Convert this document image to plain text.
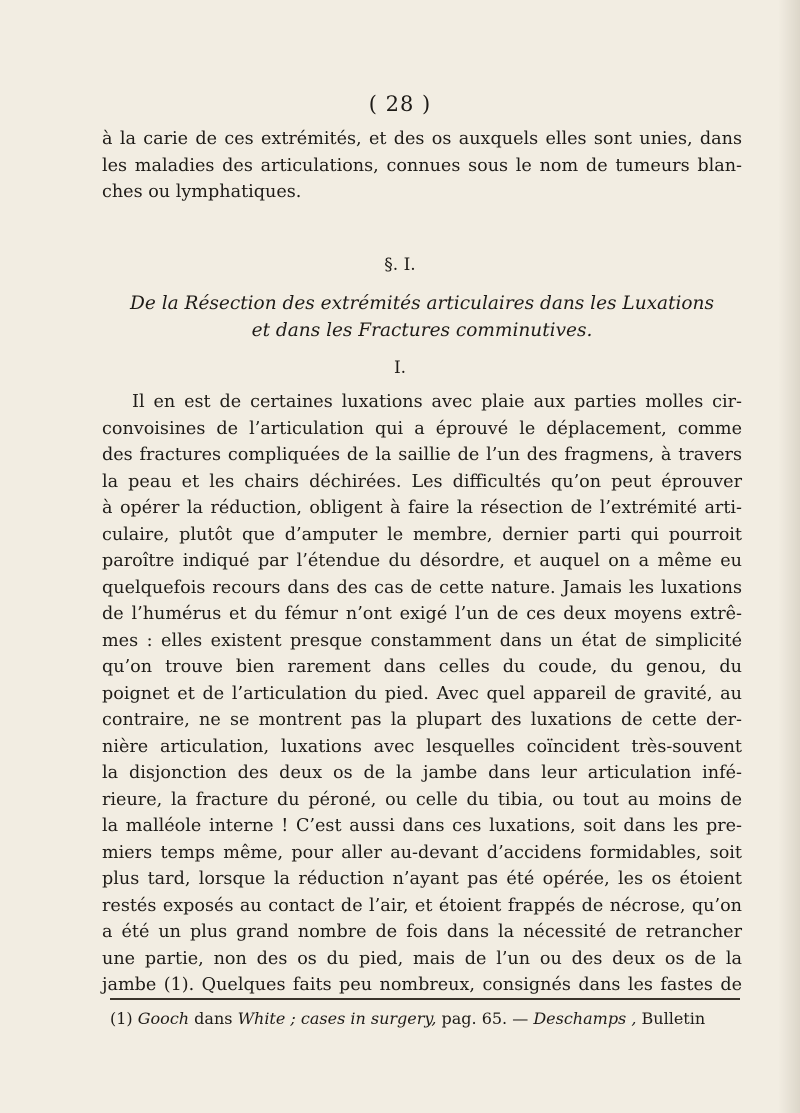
( 28 )
à la carie de ces extrémités, et des os auxquels elles sont unies, dans
les maladies des articulations, connues sous le nom de tumeurs blan-
ches ou lymphatiques.
§. I.
De la Résection des extrémités articulaires dans les Luxations
et dans les Fractures comminutives.
I.
Il en est de certaines luxations avec plaie aux parties molles cir-
convoisines de l’articulation qui a éprouvé le déplacement, comme
des fractures compliquées de la saillie de l’un des fragmens, à travers
la peau et les chairs déchirées. Les difficultés qu’on peut éprouver
à opérer la réduction, obligent à faire la résection de l’extrémité arti-
culaire, plutôt que d’amputer le membre, dernier parti qui pourroit
paroître indiqué par l’étendue du désordre, et auquel on a même eu
quelquefois recours dans des cas de cette nature. Jamais les luxations
de l’humérus et du fémur n’ont exigé l’un de ces deux moyens extrê-
mes : elles existent presque constamment dans un état de simplicité
qu’on trouve bien rarement dans celles du coude, du genou, du
poignet et de l’articulation du pied. Avec quel appareil de gravité, au
contraire, ne se montrent pas la plupart des luxations de cette der-
nière articulation, luxations avec lesquelles coïncident très-souvent
la disjonction des deux os de la jambe dans leur articulation infé-
rieure, la fracture du péroné, ou celle du tibia, ou tout au moins de
la malléole interne ! C’est aussi dans ces luxations, soit dans les pre-
miers temps même, pour aller au-devant d’accidens formidables, soit
plus tard, lorsque la réduction n’ayant pas été opérée, les os étoient
restés exposés au contact de l’air, et étoient frappés de nécrose, qu’on
a été un plus grand nombre de fois dans la nécessité de retrancher
une partie, non des os du pied, mais de l’un ou des deux os de la
jambe (1). Quelques faits peu nombreux, consignés dans les fastes de
(1) Gooch dans White ; cases in surgery, pag. 65. — Deschamps , Bulletin
